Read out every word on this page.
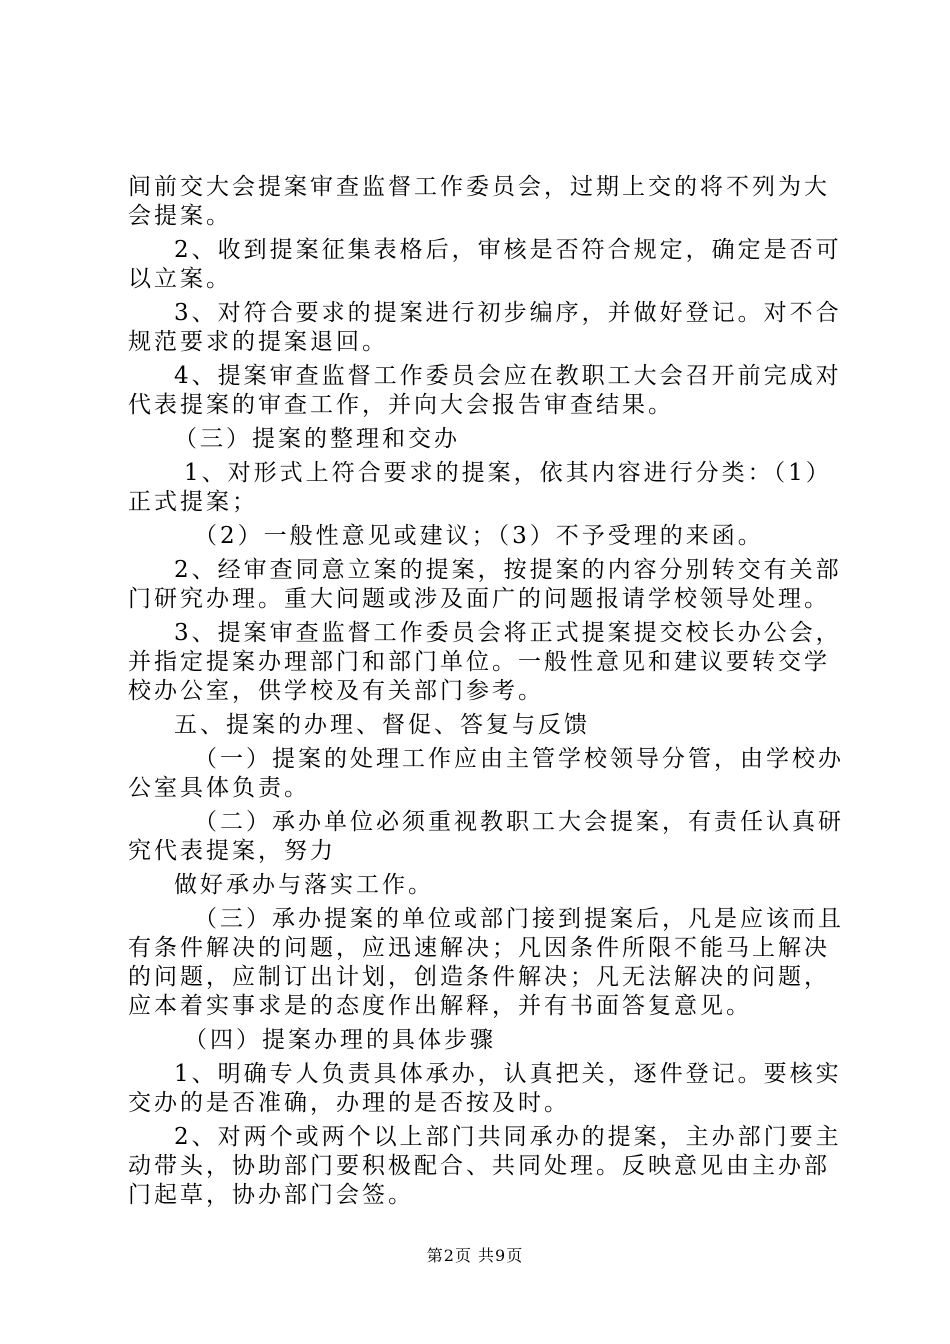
间前交大会提案审查监督工作委员会，过期上交的将不列为大
会提案。
2、收到提案征集表格后，审核是否符合规定，确定是否可
以立案。
3、对符合要求的提案进行初步编序，并做好登记。对不合
规范要求的提案退回。
4、提案审查监督工作委员会应在教职工大会召开前完成对
代表提案的审查工作，并向大会报告审查结果。
（三）提案的整理和交办
1、对形式上符合要求的提案，依其内容进行分类：（1）
正式提案；
（2）一般性意见或建议；（3）不予受理的来函。
2、经审查同意立案的提案，按提案的内容分别转交有关部
门研究办理。重大问题或涉及面广的问题报请学校领导处理。
3、提案审查监督工作委员会将正式提案提交校长办公会，
并指定提案办理部门和部门单位。一般性意见和建议要转交学
校办公室，供学校及有关部门参考。
五、提案的办理、督促、答复与反馈
（一）提案的处理工作应由主管学校领导分管，由学校办
公室具体负责。
（二）承办单位必须重视教职工大会提案，有责任认真研
究代表提案，努力
做好承办与落实工作。
（三）承办提案的单位或部门接到提案后，凡是应该而且
有条件解决的问题，应迅速解决；凡因条件所限不能马上解决
的问题，应制订出计划，创造条件解决；凡无法解决的问题，
应本着实事求是的态度作出解释，并有书面答复意见。
（四）提案办理的具体步骤
1、明确专人负责具体承办，认真把关，逐件登记。要核实
交办的是否准确，办理的是否按及时。
2、对两个或两个以上部门共同承办的提案，主办部门要主
动带头，协助部门要积极配合、共同处理。反映意见由主办部
门起草，协办部门会签。
第2页 共9页
